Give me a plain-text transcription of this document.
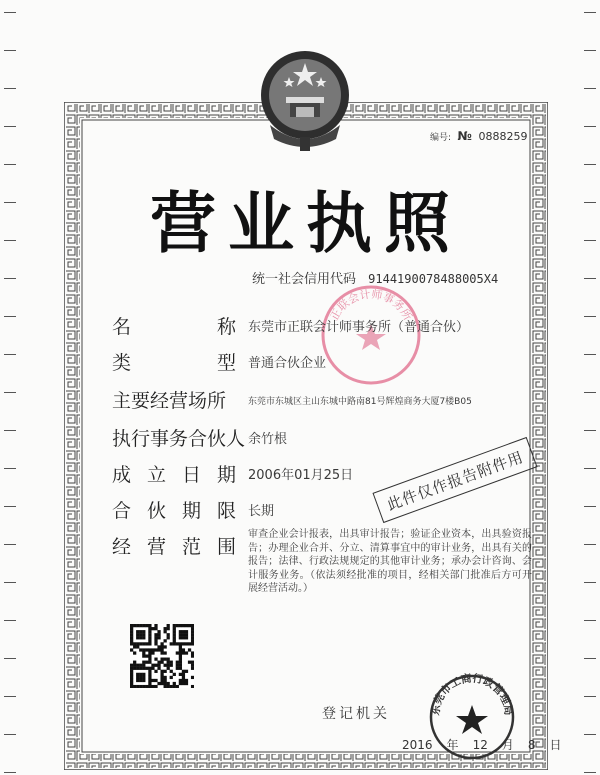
编号: № 0888259
营业执照
统一社会信用代码 9144190078488005X4
正联会计师事务所
名	称 东莞市正联会计师事务所（普通合伙）
类	型 普通合伙企业
主要经营场所 东莞市东城区主山东城中路南81号辉煌商务大厦7楼B05
执行事务合伙人 余竹根
成 立 日 期 2006年01月25日
合 伙 期 限 长期
经 营 范 围
审查企业会计报表，出具审计报告；验证企业资本，出具验资报告；办理企业合并、分立、清算事宜中的审计业务，出具有关的报告；法律、行政法规规定的其他审计业务；承办会计咨询、会计服务业务。（依法须经批准的项目，经相关部门批准后方可开展经营活动。）
此件仅作报告附件用
登记机关	东莞市工商行政管理局
2016 年 12 月 8 日
